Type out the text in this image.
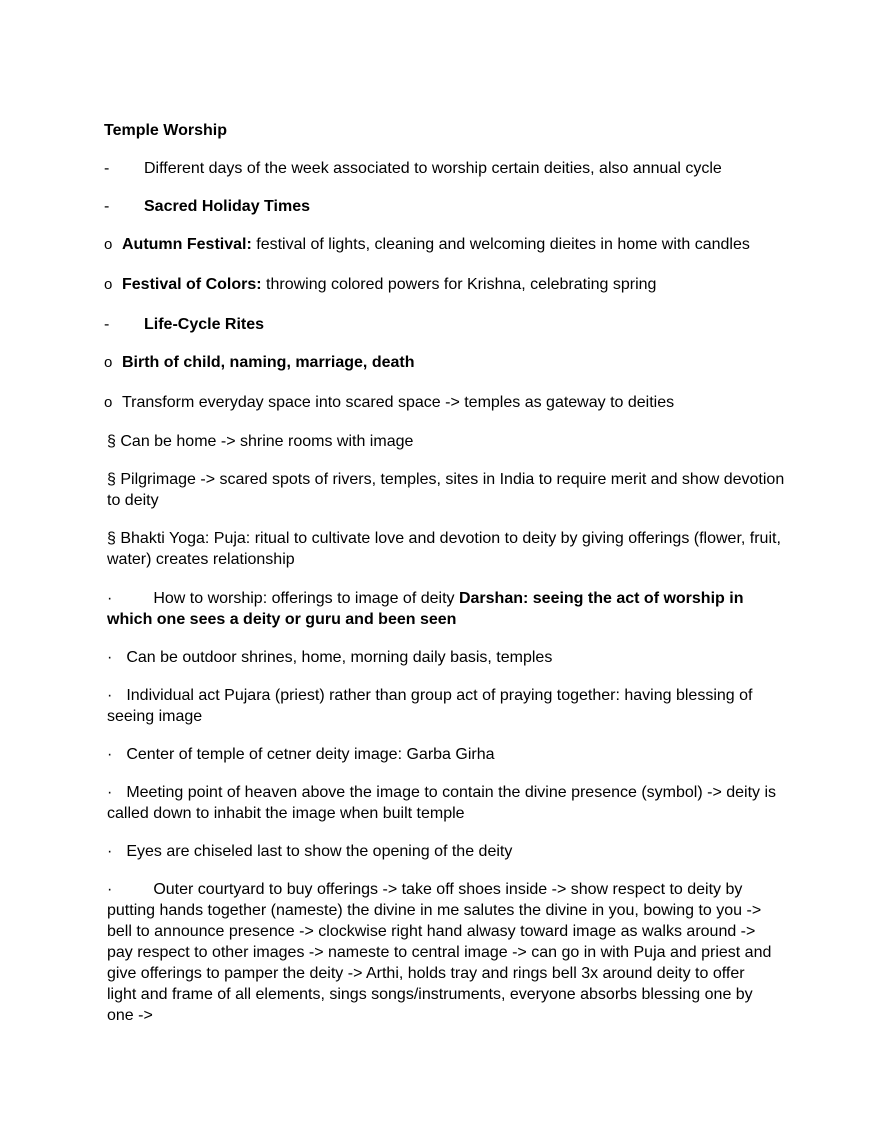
Temple Worship
- Different days of the week associated to worship certain deities, also annual cycle
- Sacred Holiday Times
o Autumn Festival: festival of lights, cleaning and welcoming dieites in home with candles
o Festival of Colors: throwing colored powers for Krishna, celebrating spring
- Life-Cycle Rites
o Birth of child, naming, marriage, death
o Transform everyday space into scared space -> temples as gateway to deities
§ Can be home -> shrine rooms with image
§ Pilgrimage -> scared spots of rivers, temples, sites in India to require merit and show devotion to deity
§ Bhakti Yoga: Puja: ritual to cultivate love and devotion to deity by giving offerings (flower, fruit, water) creates relationship
·	How to worship: offerings to image of deity Darshan: seeing the act of worship in which one sees a deity or guru and been seen
· Can be outdoor shrines, home, morning daily basis, temples
· Individual act Pujara (priest) rather than group act of praying together: having blessing of seeing image
· Center of temple of cetner deity image: Garba Girha
· Meeting point of heaven above the image to contain the divine presence (symbol) -> deity is called down to inhabit the image when built temple
· Eyes are chiseled last to show the opening of the deity
·	Outer courtyard to buy offerings -> take off shoes inside -> show respect to deity by putting hands together (nameste) the divine in me salutes the divine in you, bowing to you -> bell to announce presence -> clockwise right hand alwasy toward image as walks around -> pay respect to other images -> nameste to central image -> can go in with Puja and priest and give offerings to pamper the deity -> Arthi, holds tray and rings bell 3x around deity to offer light and frame of all elements, sings songs/instruments, everyone absorbs blessing one by one ->
